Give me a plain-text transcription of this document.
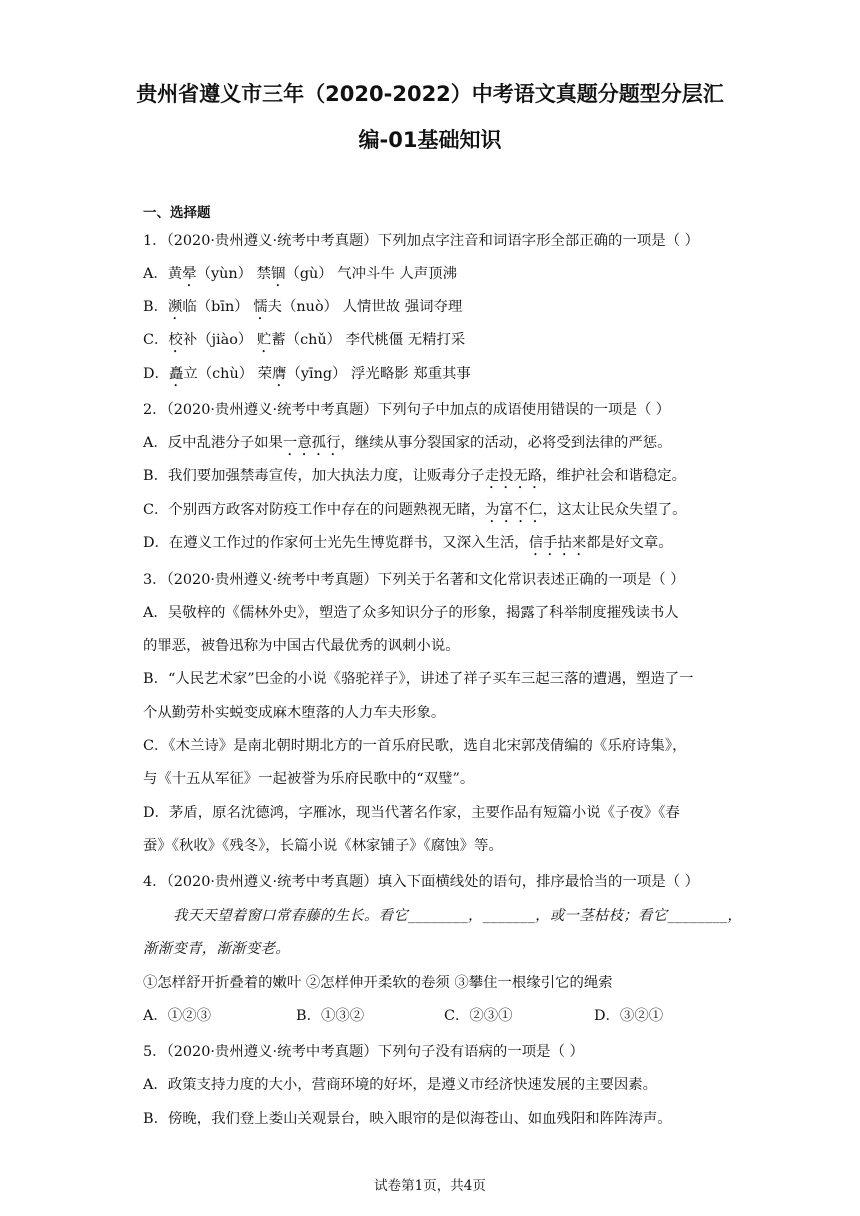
贵州省遵义市三年（2020-2022）中考语文真题分题型分层汇
编-01基础知识
一、选择题
1．（2020·贵州遵义·统考中考真题）下列加点字注音和词语字形全部正确的一项是（ ）
A．黄晕（yùn） 禁锢（gù） 气冲斗牛 人声顶沸
B．濒临（bīn） 懦夫（nuò） 人情世故 强词夺理
C．校补（jiào） 贮蓄（chǔ） 李代桃僵 无精打采
D．矗立（chù） 荣膺（yīng） 浮光略影 郑重其事
2．（2020·贵州遵义·统考中考真题）下列句子中加点的成语使用错误的一项是（ ）
A．反中乱港分子如果一意孤行，继续从事分裂国家的活动，必将受到法律的严惩。
B．我们要加强禁毒宣传，加大执法力度，让贩毒分子走投无路，维护社会和谐稳定。
C．个别西方政客对防疫工作中存在的问题熟视无睹，为富不仁，这太让民众失望了。
D．在遵义工作过的作家何士光先生博览群书，又深入生活，信手拈来都是好文章。
3．（2020·贵州遵义·统考中考真题）下列关于名著和文化常识表述正确的一项是（ ）
A．吴敬梓的《儒林外史》，塑造了众多知识分子的形象，揭露了科举制度摧残读书人
的罪恶，被鲁迅称为中国古代最优秀的讽刺小说。
B．“人民艺术家”巴金的小说《骆驼祥子》，讲述了祥子买车三起三落的遭遇，塑造了一
个从勤劳朴实蜕变成麻木堕落的人力车夫形象。
C．《木兰诗》是南北朝时期北方的一首乐府民歌，选自北宋郭茂倩编的《乐府诗集》，
与《十五从军征》一起被誉为乐府民歌中的“双璧”。
D．茅盾，原名沈德鸿，字雁冰，现当代著名作家，主要作品有短篇小说《子夜》《春
蚕》《秋收》《残冬》，长篇小说《林家铺子》《腐蚀》等。
4．（2020·贵州遵义·统考中考真题）填入下面横线处的语句，排序最恰当的一项是（ ）
我天天望着窗口常春藤的生长。看它________，_______，或一茎枯枝；看它________，
渐渐变青，渐渐变老。
①怎样舒开折叠着的嫩叶 ②怎样伸开柔软的卷须 ③攀住一根缘引它的绳索
A．①②③	B．①③②	C．②③①	D．③②①
5．（2020·贵州遵义·统考中考真题）下列句子没有语病的一项是（ ）
A．政策支持力度的大小，营商环境的好坏，是遵义市经济快速发展的主要因素。
B．傍晚，我们登上娄山关观景台，映入眼帘的是似海苍山、如血残阳和阵阵涛声。
试卷第1页，共4页
